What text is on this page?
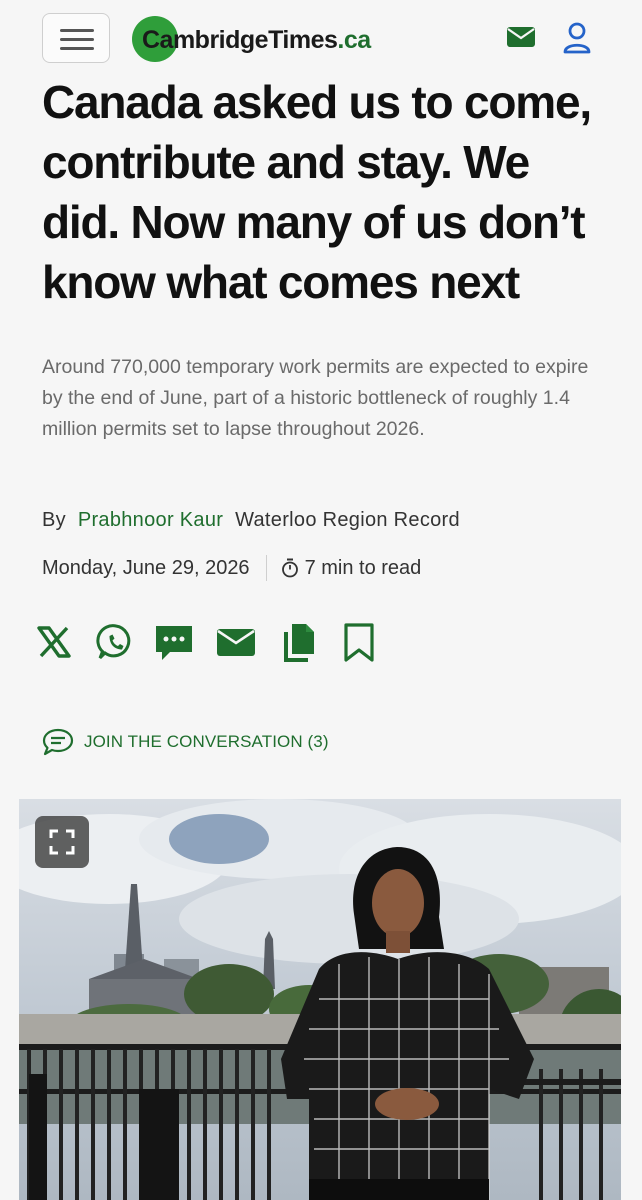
CambridgeTimes.ca
Canada asked us to come, contribute and stay. We did. Now many of us don’t know what comes next

Around 770,000 temporary work permits are expected to expire by the end of June, part of a historic bottleneck of roughly 1.4 million permits set to lapse throughout 2026.

By Prabhnoor Kaur Waterloo Region Record
Monday, June 29, 2026	7 min to read
JOIN THE CONVERSATION (3)
